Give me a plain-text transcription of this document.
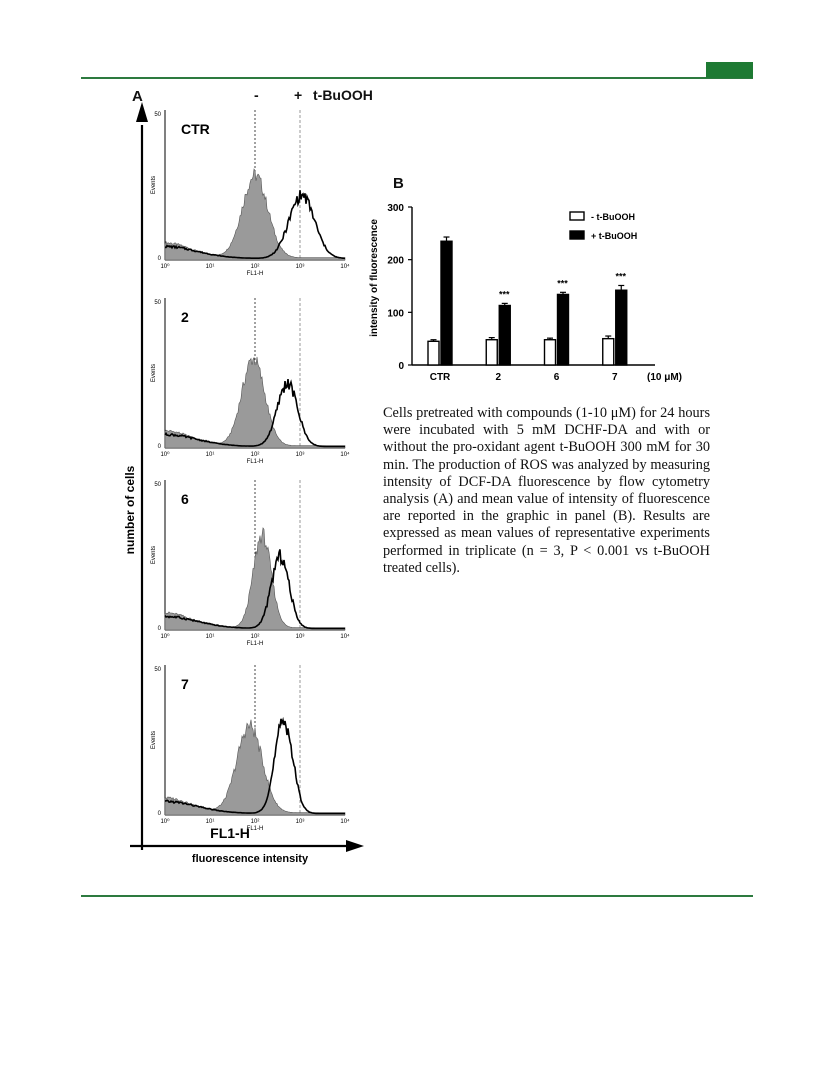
A	-	+ t-BuOOH
CTR
50
0
Events
10⁰	10¹	10²	10³	10⁴
FL1-H
2
50
0
Events
10⁰	10¹	10²	10³	10⁴
FL1-H
6
50
0
Events
10⁰	10¹	10²	10³	10⁴
FL1-H
7
50
0
Events
10⁰	10¹	10²	10³	10⁴
FL1-H
number of cells
fluorescence intensity
FL1-H
B
0
100
200
300
CTR	2
***
6
***
7
***
- t-BuOOH
+ t-BuOOH
intensity of fluorescence
(10 μM)

Cells pretreated with compounds (1-10 μM) for 24 hours were incubated with 5 mM DCHF-DA and with or without the pro-oxidant agent t-BuOOH 300 mM for 30 min. The production of ROS was analyzed by measuring intensity of DCF-DA fluorescence by flow cytometry analysis (A) and mean value of intensity of fluorescence are reported in the graphic in panel (B). Results are expressed as mean values of representative experiments performed in triplicate (n = 3, P < 0.001 vs t-BuOOH treated cells).
